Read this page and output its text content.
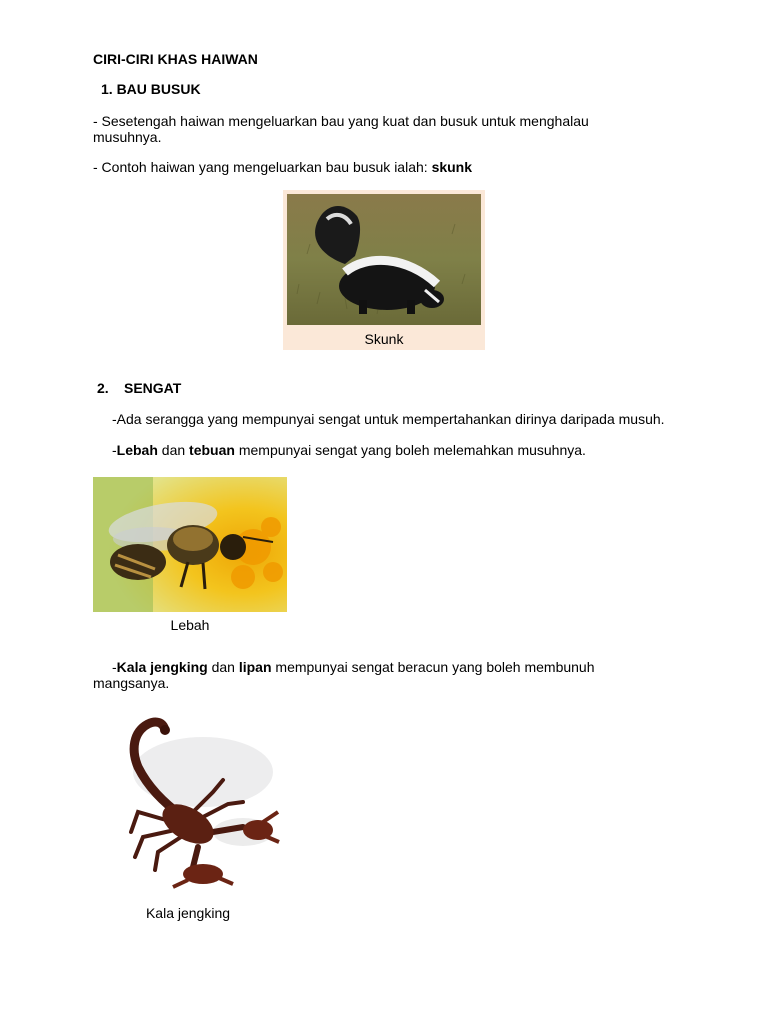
CIRI-CIRI KHAS HAIWAN
1. BAU BUSUK
- Sesetengah haiwan mengeluarkan bau yang kuat dan busuk untuk menghalau
musuhnya.
- Contoh haiwan yang mengeluarkan bau busuk ialah: skunk
Skunk
2. SENGAT
-Ada serangga yang mempunyai sengat untuk mempertahankan dirinya daripada musuh.
-Lebah dan tebuan mempunyai sengat yang boleh melemahkan musuhnya.
Lebah
-Kala jengking dan lipan mempunyai sengat beracun yang boleh membunuh
mangsanya.
Kala jengking
